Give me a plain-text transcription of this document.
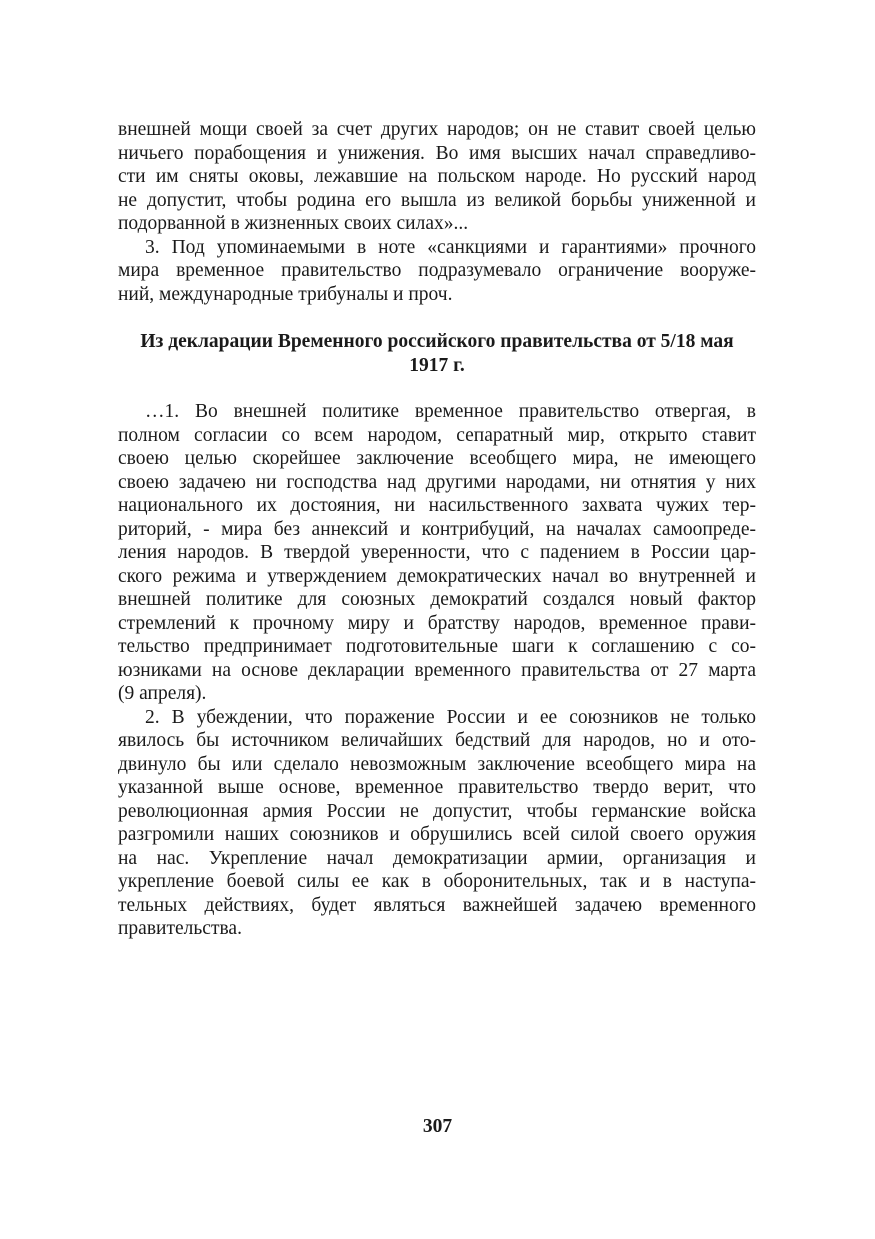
внешней мощи своей за счет других народов; он не ставит своей целью
ничьего порабощения и унижения. Во имя высших начал справедливо-
сти им сняты оковы, лежавшие на польском народе. Но русский народ
не допустит, чтобы родина его вышла из великой борьбы униженной и
подорванной в жизненных своих силах»...
3. Под упоминаемыми в ноте «санкциями и гарантиями» прочного
мира временное правительство подразумевало ограничение вооруже-
ний, международные трибуналы и проч.
Из декларации Временного российского правительства от 5/18 мая
1917 г.
…1. Во внешней политике временное правительство отвергая, в
полном согласии со всем народом, сепаратный мир, открыто ставит
своею целью скорейшее заключение всеобщего мира, не имеющего
своею задачею ни господства над другими народами, ни отнятия у них
национального их достояния, ни насильственного захвата чужих тер-
риторий, - мира без аннексий и контрибуций, на началах самоопреде-
ления народов. В твердой уверенности, что с падением в России цар-
ского режима и утверждением демократических начал во внутренней и
внешней политике для союзных демократий создался новый фактор
стремлений к прочному миру и братству народов, временное прави-
тельство предпринимает подготовительные шаги к соглашению с со-
юзниками на основе декларации временного правительства от 27 марта
(9 апреля).
2. В убеждении, что поражение России и ее союзников не только
явилось бы источником величайших бедствий для народов, но и ото-
двинуло бы или сделало невозможным заключение всеобщего мира на
указанной выше основе, временное правительство твердо верит, что
революционная армия России не допустит, чтобы германские войска
разгромили наших союзников и обрушились всей силой своего оружия
на нас. Укрепление начал демократизации армии, организация и
укрепление боевой силы ее как в оборонительных, так и в наступа-
тельных действиях, будет являться важнейшей задачею временного
правительства.
307
